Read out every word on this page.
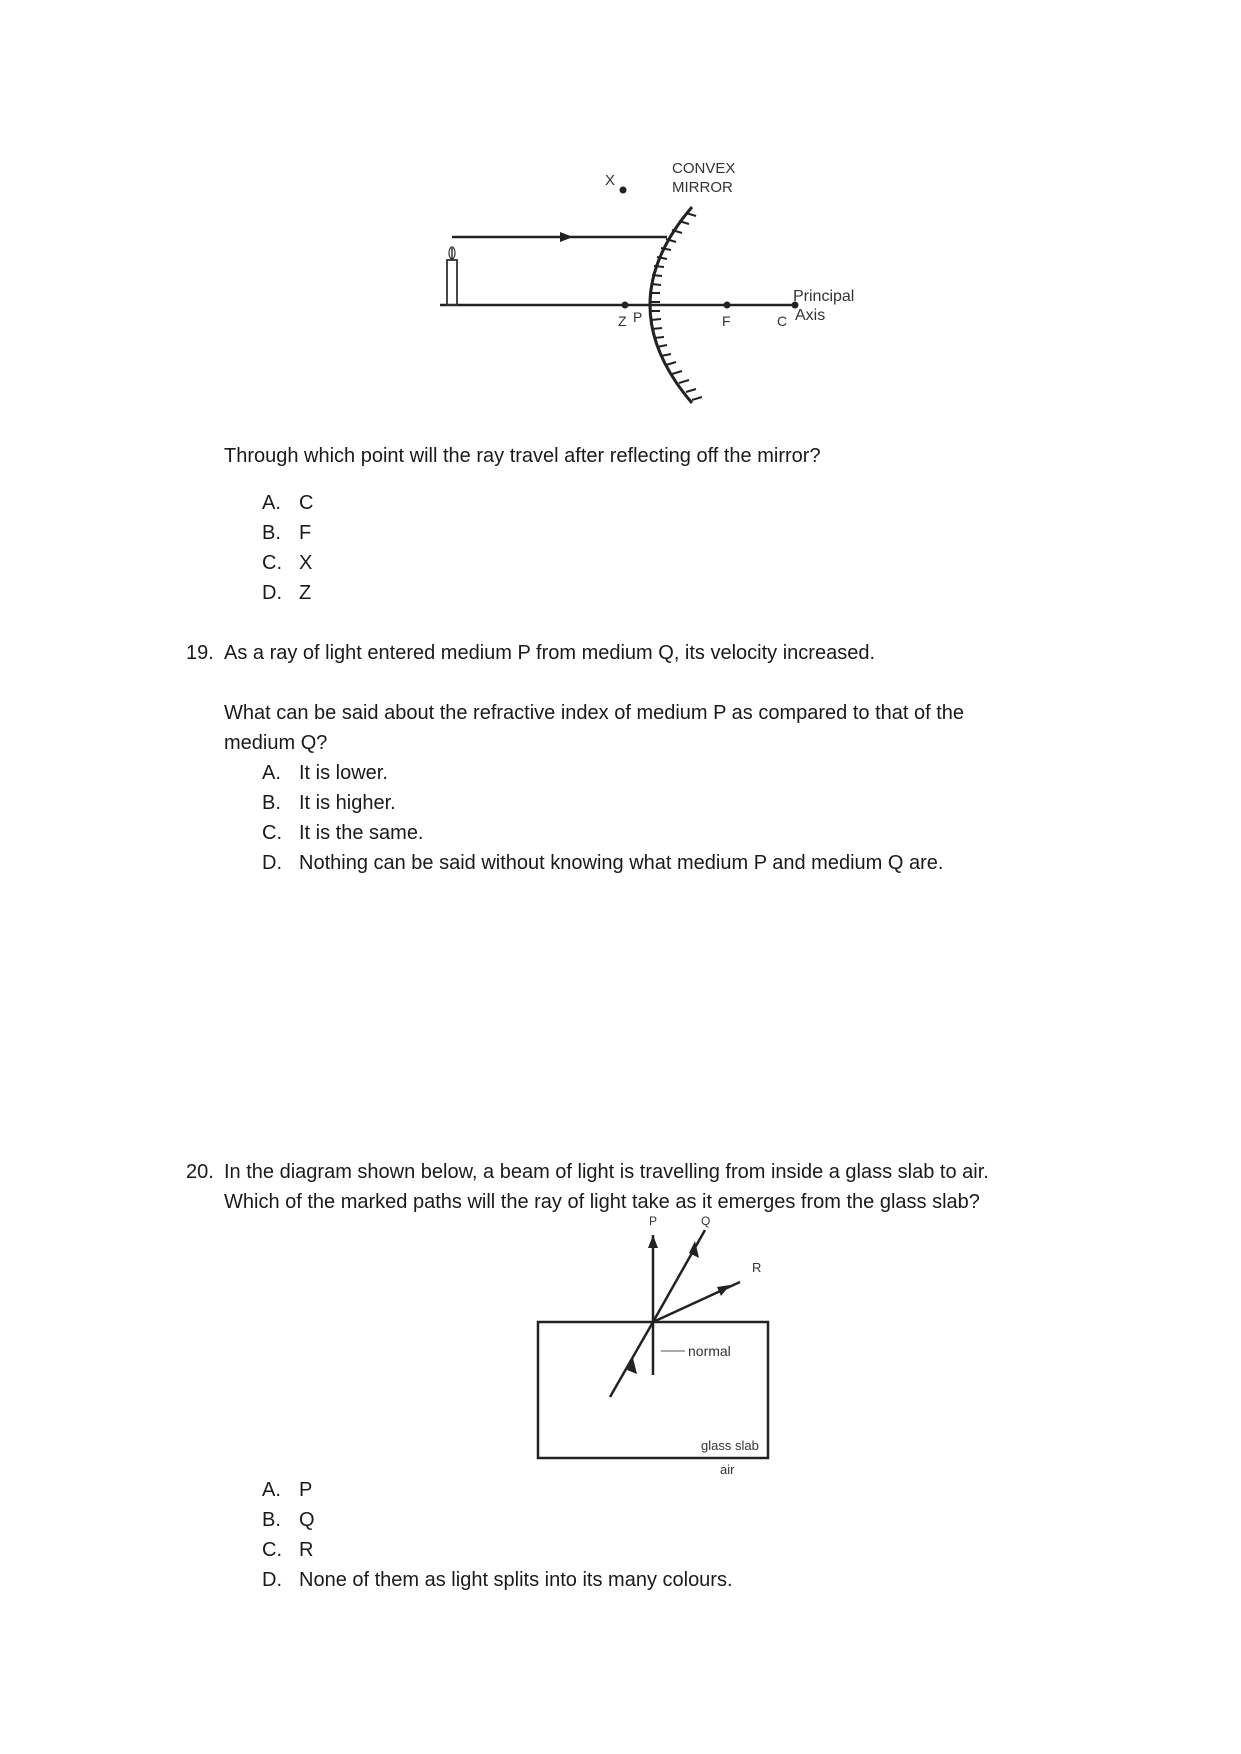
X
CONVEX
MIRROR
Z P	F	C
Principal
Axis
Through which point will the ray travel after reflecting off the mirror?
A. C
B. F
C. X
D. Z
19. As a ray of light entered medium P from medium Q, its velocity increased.
What can be said about the refractive index of medium P as compared to that of the
medium Q?
A. It is lower.
B. It is higher.
C. It is the same.
D. Nothing can be said without knowing what medium P and medium Q are.
20. In the diagram shown below, a beam of light is travelling from inside a glass slab to air.
Which of the marked paths will the ray of light take as it emerges from the glass slab?
P	Q
R
normal
glass slab
air
A. P
B. Q
C. R
D. None of them as light splits into its many colours.
